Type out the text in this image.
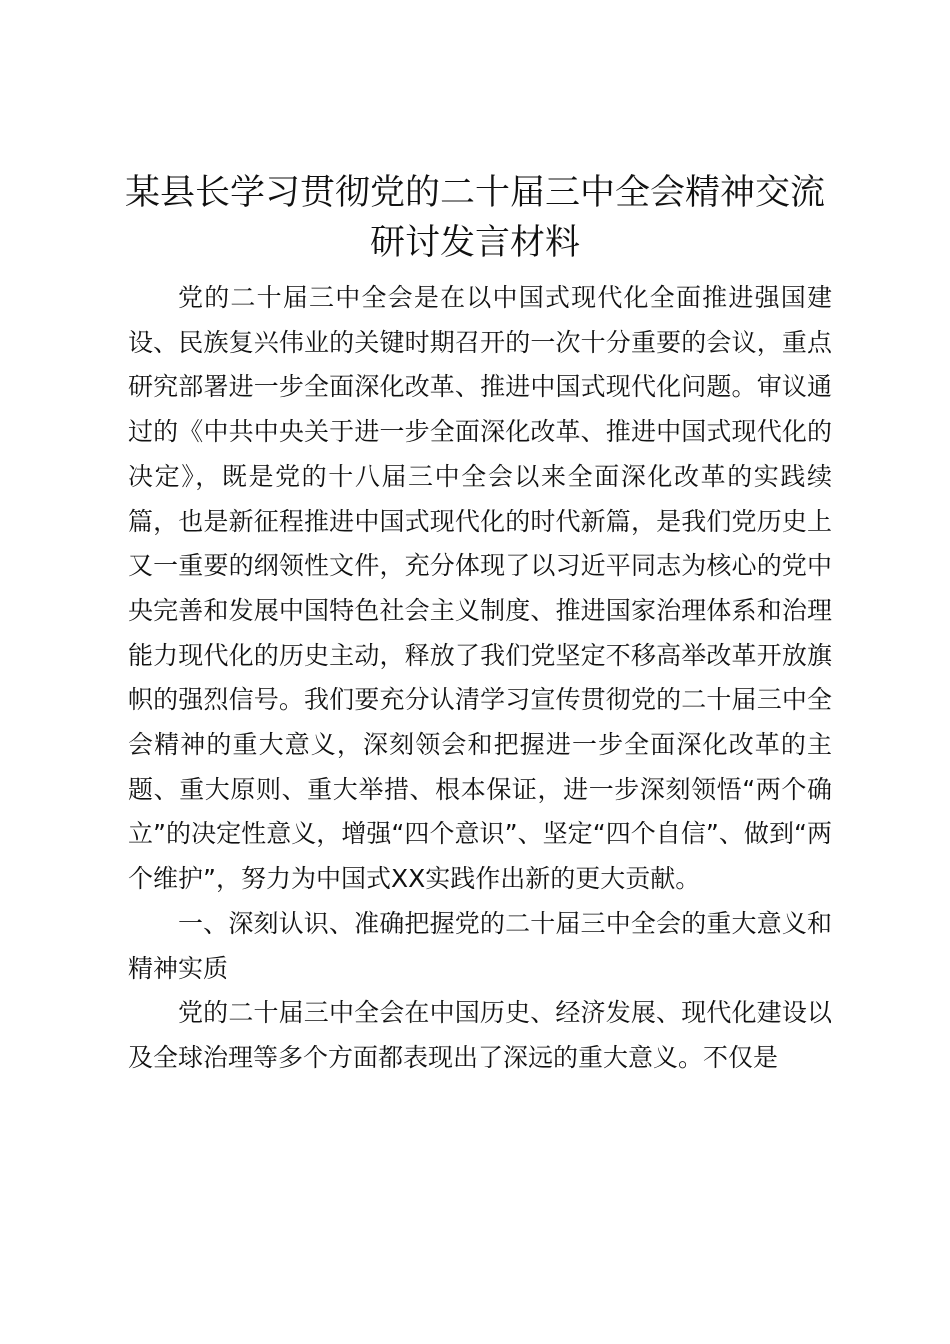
某县长学习贯彻党的二十届三中全会精神交流研讨发言材料

党的二十届三中全会是在以中国式现代化全面推进强国建设、民族复兴伟业的关键时期召开的一次十分重要的会议，重点研究部署进一步全面深化改革、推进中国式现代化问题。审议通过的《中共中央关于进一步全面深化改革、推进中国式现代化的决定》，既是党的十八届三中全会以来全面深化改革的实践续篇，也是新征程推进中国式现代化的时代新篇，是我们党历史上又一重要的纲领性文件，充分体现了以习近平同志为核心的党中央完善和发展中国特色社会主义制度、推进国家治理体系和治理能力现代化的历史主动，释放了我们党坚定不移高举改革开放旗帜的强烈信号。我们要充分认清学习宣传贯彻党的二十届三中全会精神的重大意义，深刻领会和把握进一步全面深化改革的主题、重大原则、重大举措、根本保证，进一步深刻领悟“两个确立”的决定性意义，增强“四个意识”、坚定“四个自信”、做到“两个维护”，努力为中国式XX实践作出新的更大贡献。

一、深刻认识、准确把握党的二十届三中全会的重大意义和精神实质

党的二十届三中全会在中国历史、经济发展、现代化建设以及全球治理等多个方面都表现出了深远的重大意义。不仅是
